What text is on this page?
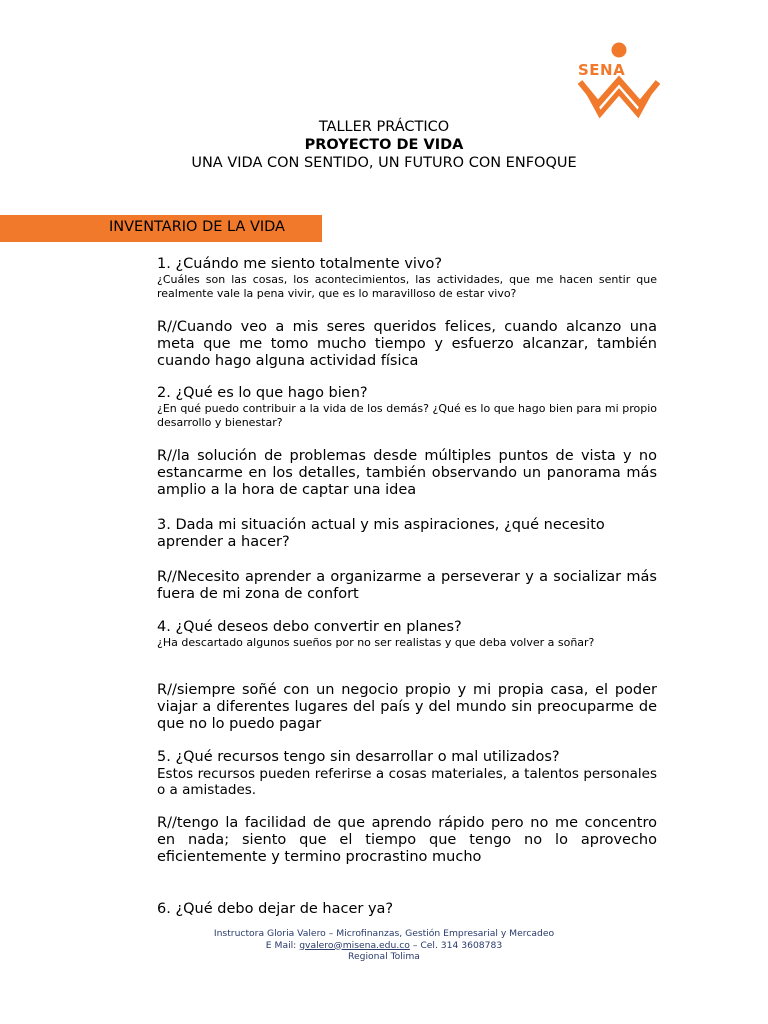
SENA
TALLER PRÁCTICO
PROYECTO DE VIDA
UNA VIDA CON SENTIDO, UN FUTURO CON ENFOQUE
INVENTARIO DE LA VIDA
1. ¿Cuándo me siento totalmente vivo?
¿Cuáles son las cosas, los acontecimientos, las actividades, que me hacen sentir que realmente vale la pena vivir, que es lo maravilloso de estar vivo?
R//Cuando veo a mis seres queridos felices, cuando alcanzo una meta que me tomo mucho tiempo y esfuerzo alcanzar, también cuando hago alguna actividad física
2. ¿Qué es lo que hago bien?
¿En qué puedo contribuir a la vida de los demás? ¿Qué es lo que hago bien para mi propio desarrollo y bienestar?
R//la solución de problemas desde múltiples puntos de vista y no estancarme en los detalles, también observando un panorama más amplio a la hora de captar una idea
3. Dada mi situación actual y mis aspiraciones, ¿qué necesito aprender a hacer?
R//Necesito aprender a organizarme a perseverar y a socializar más fuera de mi zona de confort
4. ¿Qué deseos debo convertir en planes?
¿Ha descartado algunos sueños por no ser realistas y que deba volver a soñar?
R//siempre soñé con un negocio propio y mi propia casa, el poder viajar a diferentes lugares del país y del mundo sin preocuparme de que no lo puedo pagar
5. ¿Qué recursos tengo sin desarrollar o mal utilizados?
Estos recursos pueden referirse a cosas materiales, a talentos personales o a amistades.
R//tengo la facilidad de que aprendo rápido pero no me concentro en nada; siento que el tiempo que tengo no lo aprovecho eficientemente y termino procrastino mucho
6. ¿Qué debo dejar de hacer ya?
Instructora Gloria Valero – Microfinanzas, Gestión Empresarial y Mercadeo
E Mail: gvalero@misena.edu.co – Cel. 314 3608783
Regional Tolima
